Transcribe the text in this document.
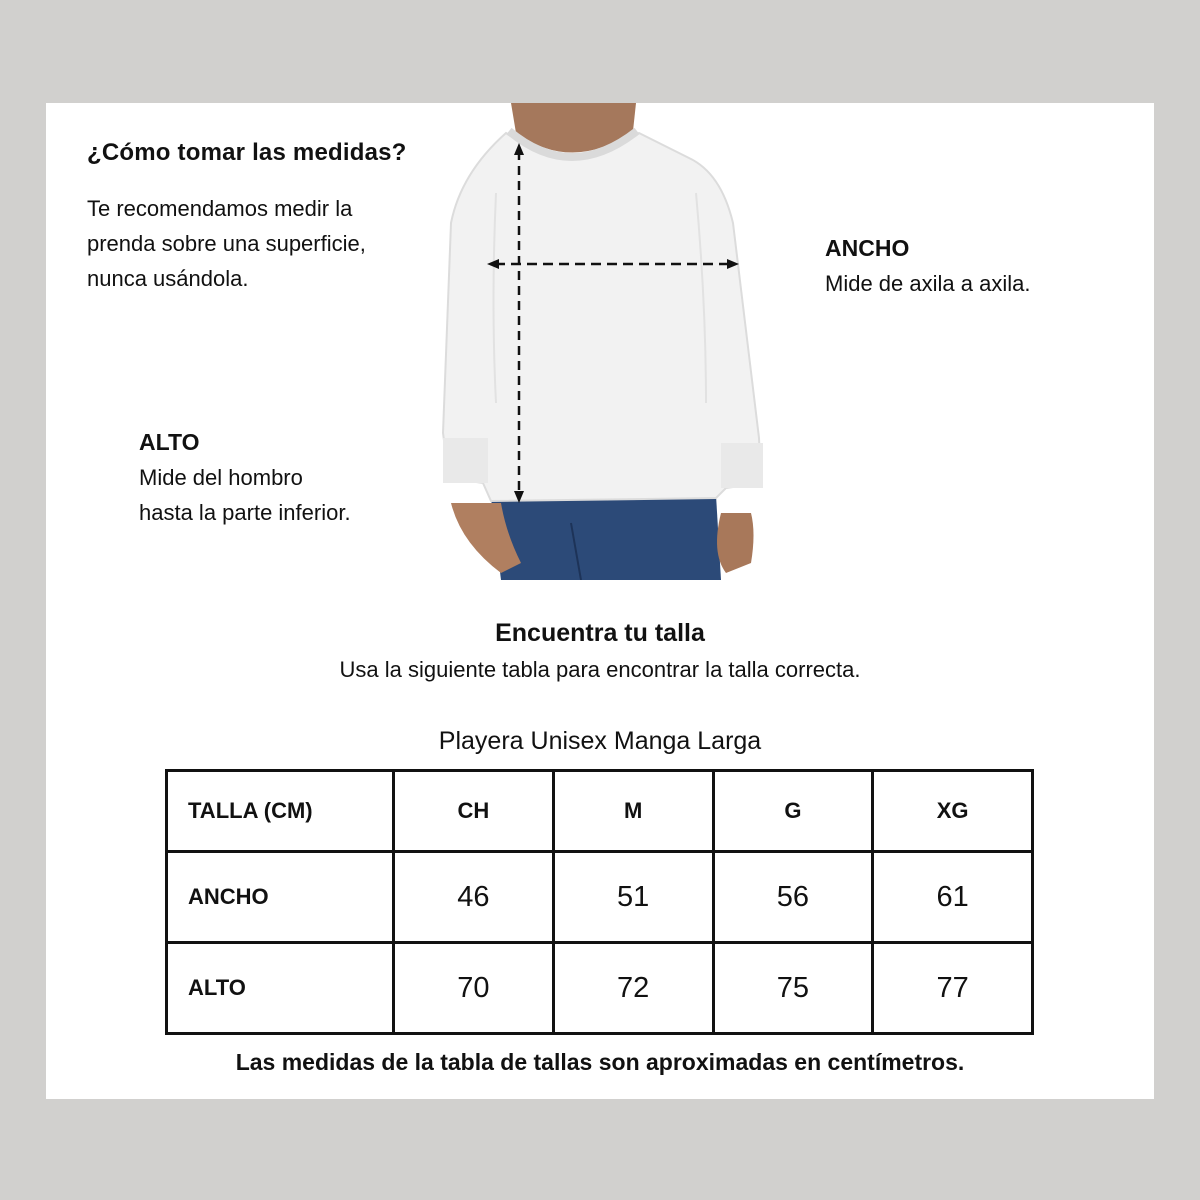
¿Cómo tomar las medidas?

Te recomendamos medir la
prenda sobre una superficie,
nunca usándola.

ANCHO
Mide de axila a axila.
ALTO
Mide del hombro
hasta la parte inferior.
Encuentra tu talla

Usa la siguiente tabla para encontrar la talla correcta.

Playera Unisex Manga Larga

TALLA (CM)	CH	M	G	XG
ANCHO	46	51	56	61
ALTO	70	72	75	77

Las medidas de la tabla de tallas son aproximadas en centímetros.
